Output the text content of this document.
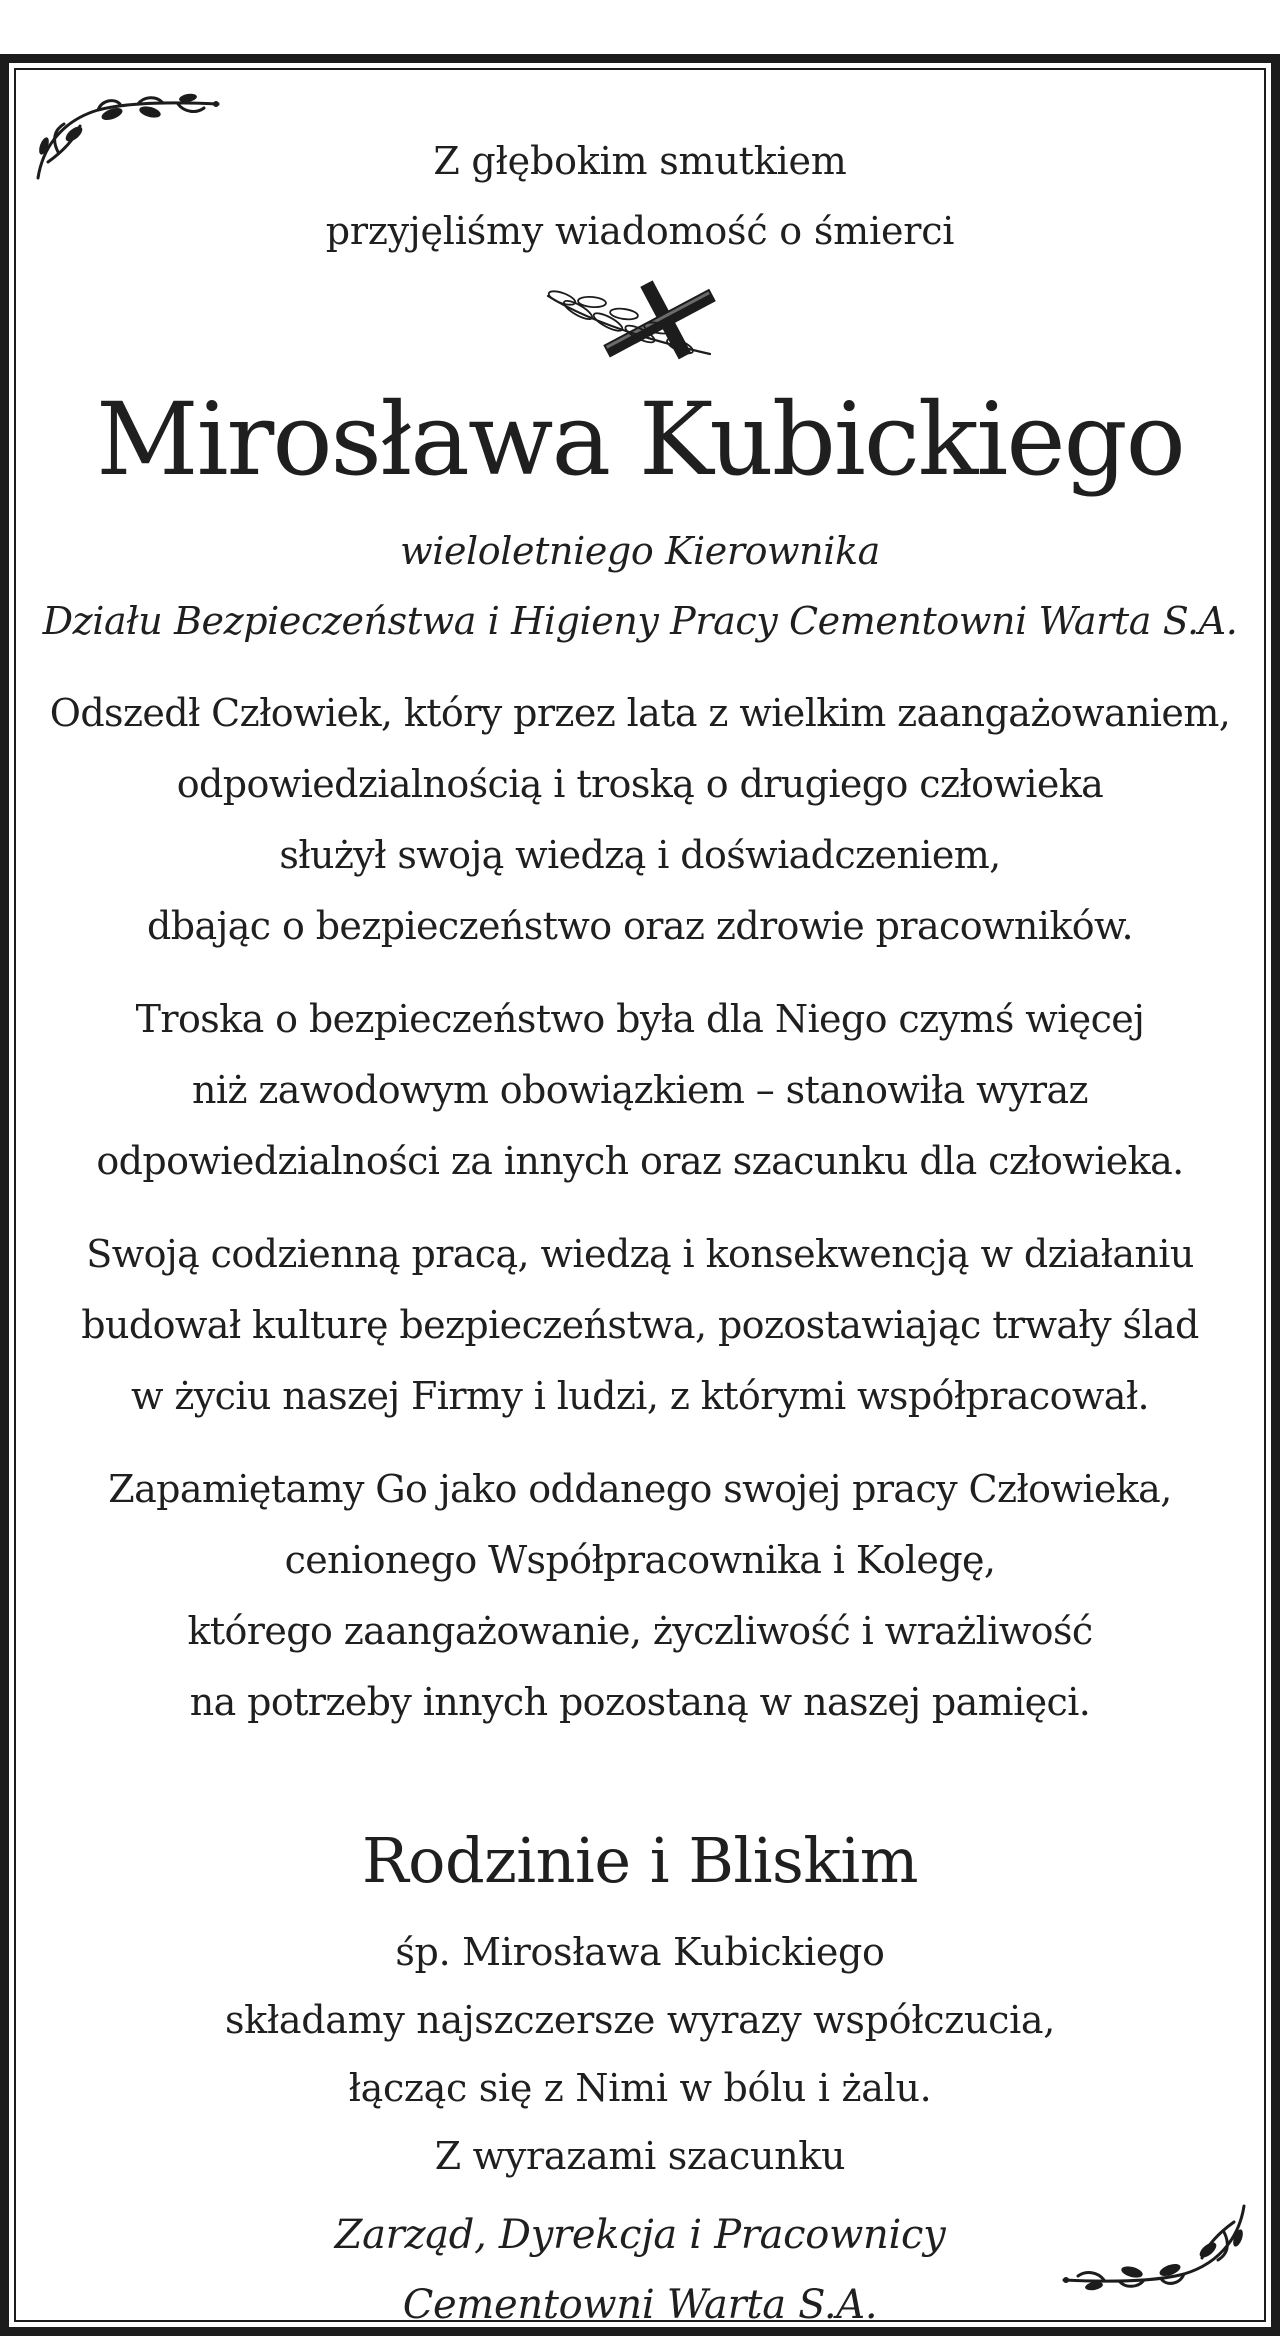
Z głębokim smutkiem
przyjęliśmy wiadomość o śmierci
Mirosława Kubickiego
wieloletniego Kierownika
Działu Bezpieczeństwa i Higieny Pracy Cementowni Warta S.A.
Odszedł Człowiek, który przez lata z wielkim zaangażowaniem,
odpowiedzialnością i troską o drugiego człowieka
służył swoją wiedzą i doświadczeniem,
dbając o bezpieczeństwo oraz zdrowie pracowników.
Troska o bezpieczeństwo była dla Niego czymś więcej
niż zawodowym obowiązkiem – stanowiła wyraz
odpowiedzialności za innych oraz szacunku dla człowieka.
Swoją codzienną pracą, wiedzą i konsekwencją w działaniu
budował kulturę bezpieczeństwa, pozostawiając trwały ślad
w życiu naszej Firmy i ludzi, z którymi współpracował.
Zapamiętamy Go jako oddanego swojej pracy Człowieka,
cenionego Współpracownika i Kolegę,
którego zaangażowanie, życzliwość i wrażliwość
na potrzeby innych pozostaną w naszej pamięci.
Rodzinie i Bliskim
śp. Mirosława Kubickiego
składamy najszczersze wyrazy współczucia,
łącząc się z Nimi w bólu i żalu.
Z wyrazami szacunku
Zarząd, Dyrekcja i Pracownicy
Cementowni Warta S.A.
